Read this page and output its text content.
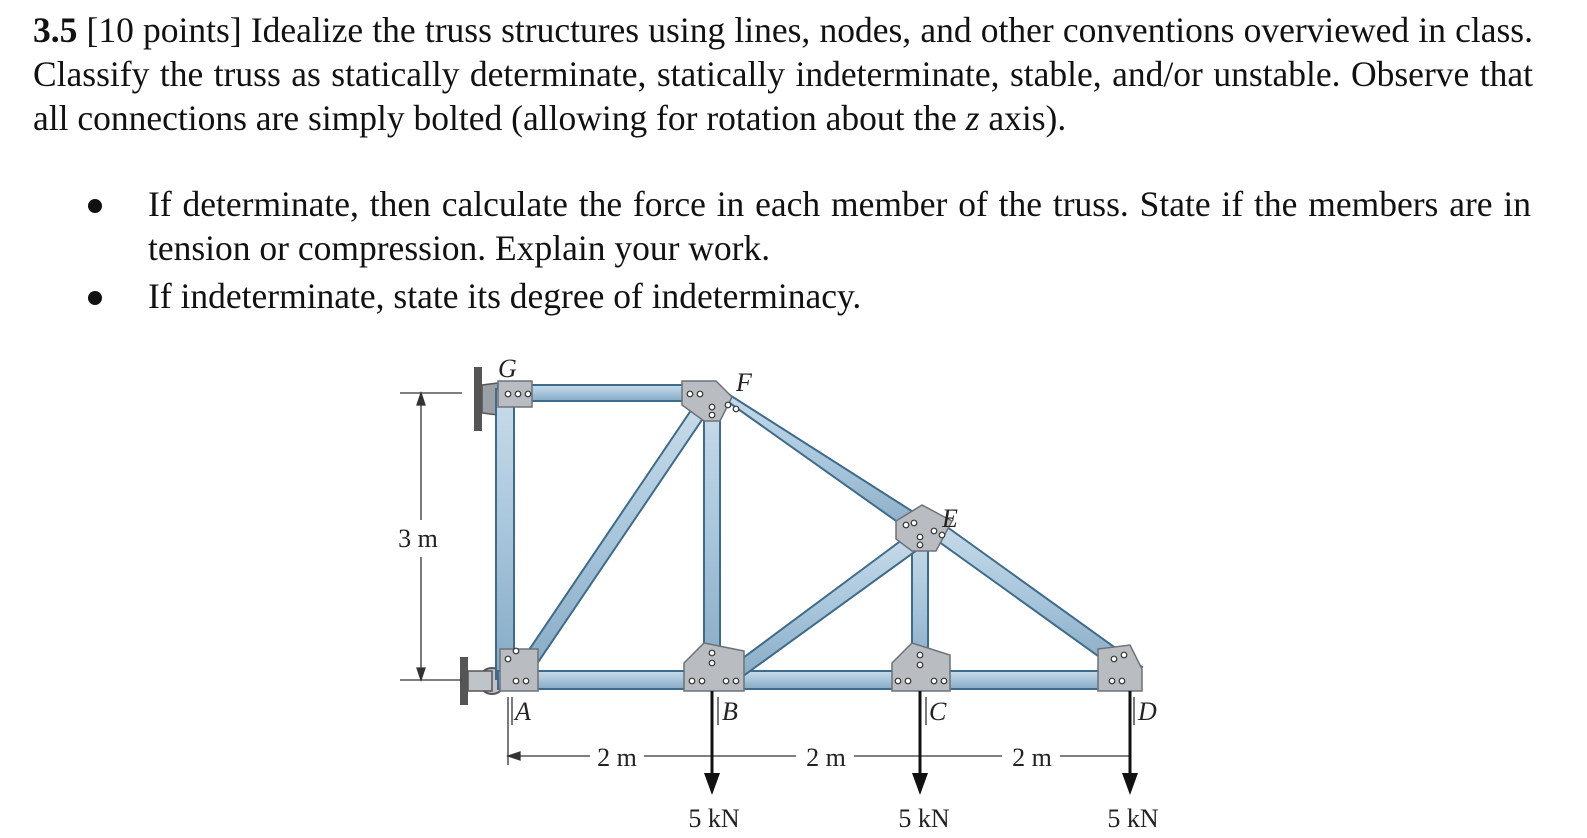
3.5 [10 points] Idealize the truss structures using lines, nodes, and other conventions overviewed in class. Classify the truss as statically determinate, statically indeterminate, stable, and/or unstable. Observe that all connections are simply bolted (allowing for rotation about the z axis).
If determinate, then calculate the force in each member of the truss. State if the members are in tension or compression. Explain your work.
If indeterminate, state its degree of indeterminacy.
3 m
2 m	2 m	2 m
5 kN	5 kN	5 kN
G	F
E
A	B	C	D
